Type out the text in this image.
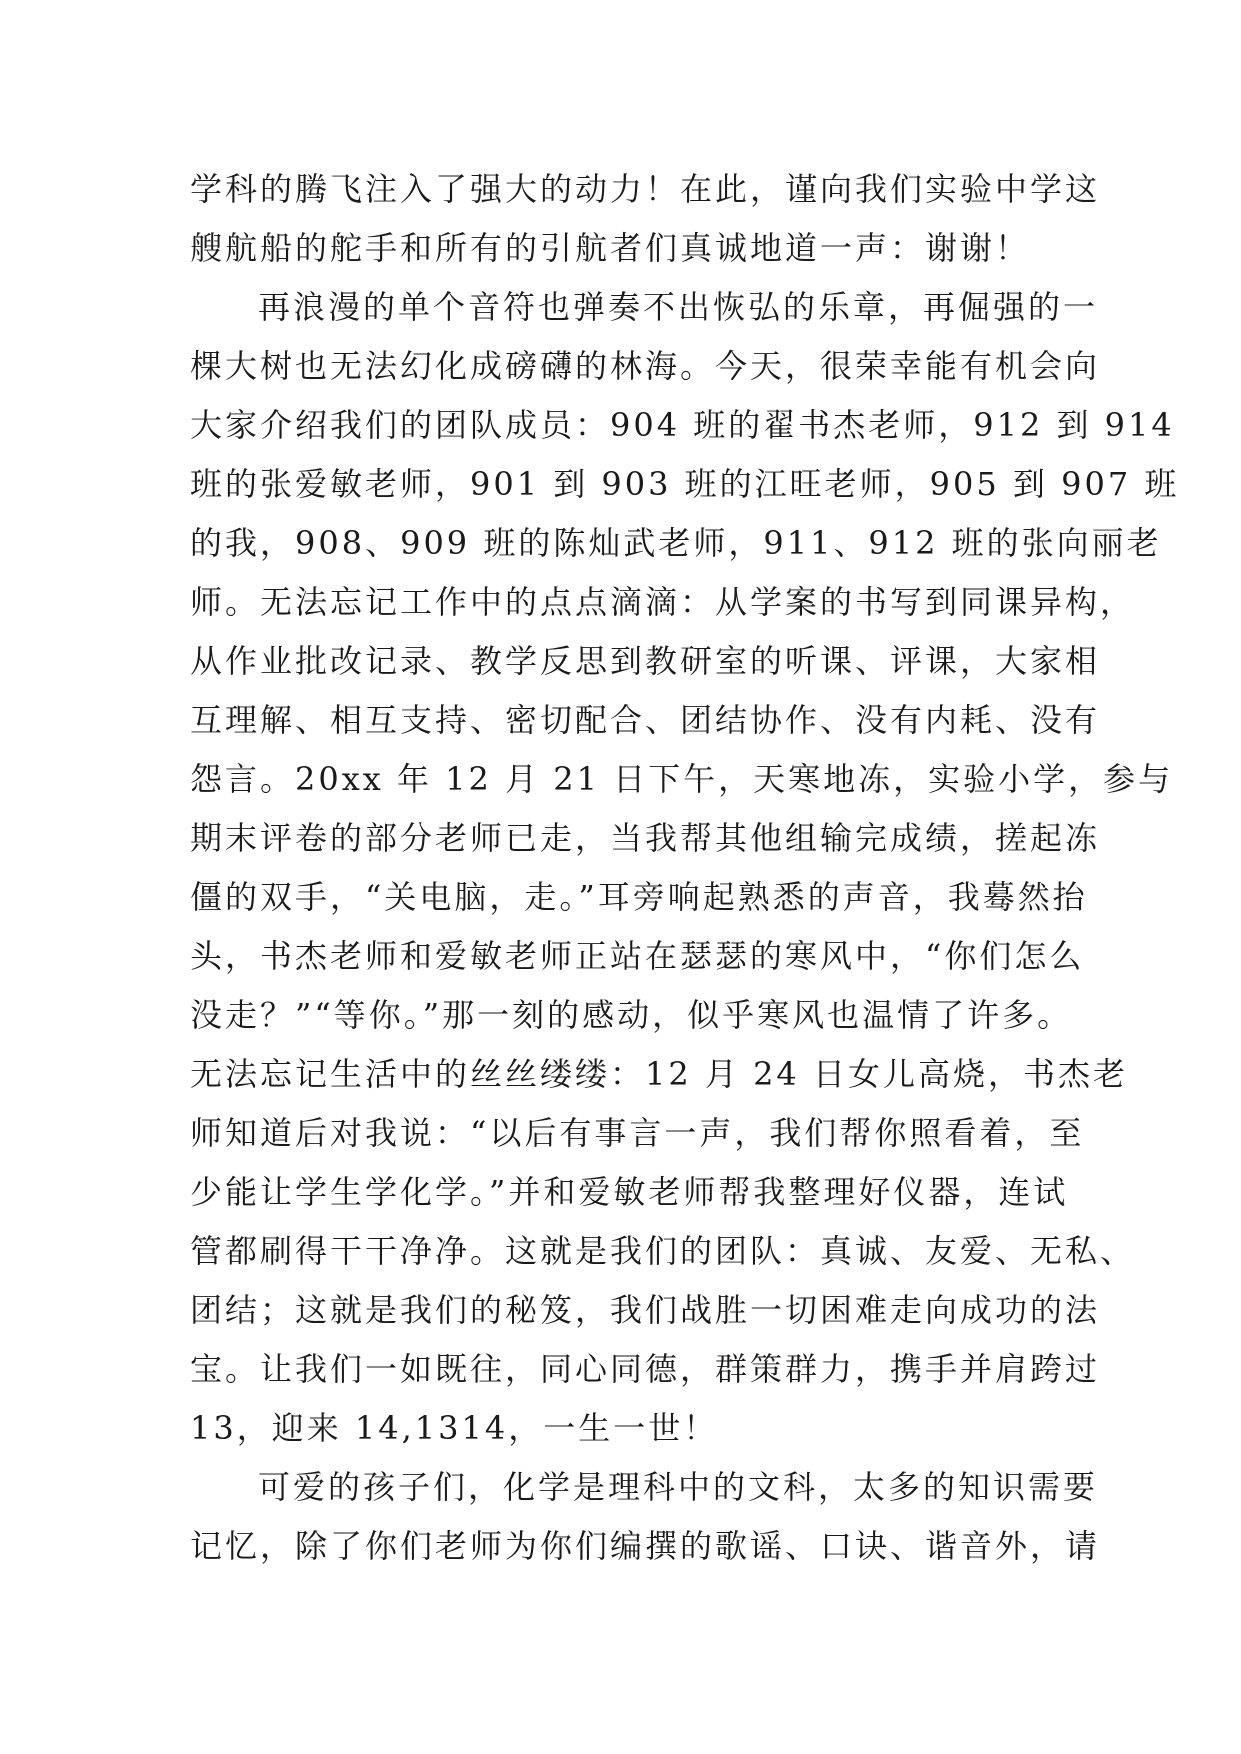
学科的腾飞注入了强大的动力！在此，谨向我们实验中学这
艘航船的舵手和所有的引航者们真诚地道一声：谢谢！
再浪漫的单个音符也弹奏不出恢弘的乐章，再倔强的一
棵大树也无法幻化成磅礴的林海。今天，很荣幸能有机会向
大家介绍我们的团队成员：904 班的翟书杰老师，912 到 914
班的张爱敏老师，901 到 903 班的江旺老师，905 到 907 班
的我，908、909 班的陈灿武老师，911、912 班的张向丽老
师。无法忘记工作中的点点滴滴：从学案的书写到同课异构，
从作业批改记录、教学反思到教研室的听课、评课，大家相
互理解、相互支持、密切配合、团结协作、没有内耗、没有
怨言。20xx 年 12 月 21 日下午，天寒地冻，实验小学，参与
期末评卷的部分老师已走，当我帮其他组输完成绩，搓起冻
僵的双手，“关电脑，走。”耳旁响起熟悉的声音，我蓦然抬
头，书杰老师和爱敏老师正站在瑟瑟的寒风中，“你们怎么
没走？”“等你。”那一刻的感动，似乎寒风也温情了许多。
无法忘记生活中的丝丝缕缕：12 月 24 日女儿高烧，书杰老
师知道后对我说：“以后有事言一声，我们帮你照看着，至
少能让学生学化学。”并和爱敏老师帮我整理好仪器，连试
管都刷得干干净净。这就是我们的团队：真诚、友爱、无私、
团结；这就是我们的秘笈，我们战胜一切困难走向成功的法
宝。让我们一如既往，同心同德，群策群力，携手并肩跨过
13，迎来 14,1314，一生一世！
可爱的孩子们，化学是理科中的文科，太多的知识需要
记忆，除了你们老师为你们编撰的歌谣、口诀、谐音外，请
